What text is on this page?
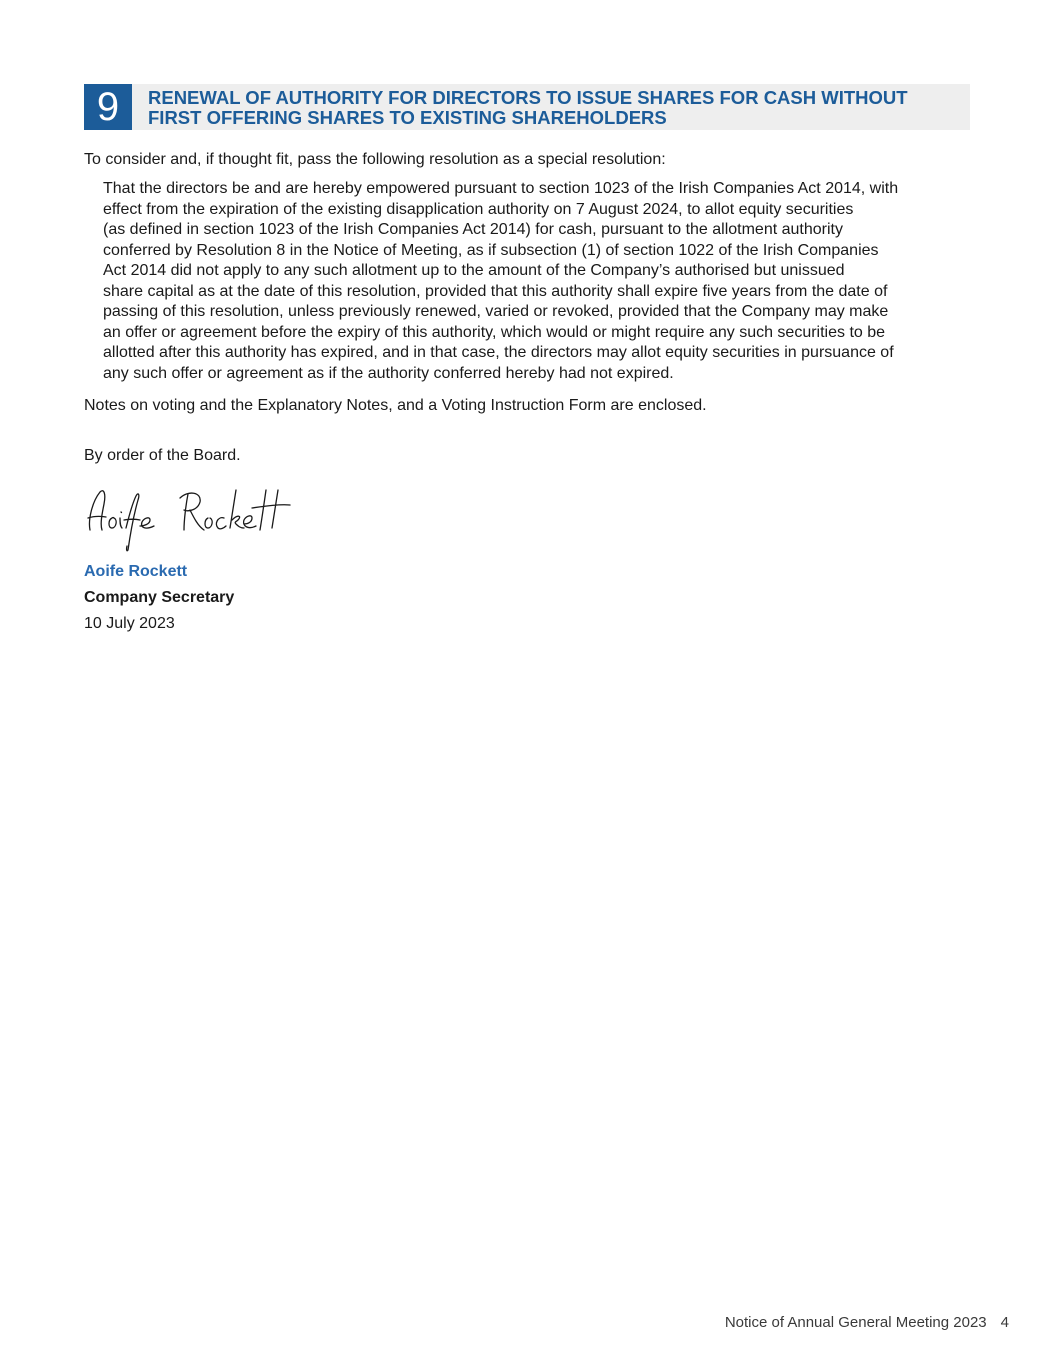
9	RENEWAL OF AUTHORITY FOR DIRECTORS TO ISSUE SHARES FOR CASH WITHOUT
FIRST OFFERING SHARES TO EXISTING SHAREHOLDERS
To consider and, if thought fit, pass the following resolution as a special resolution:
That the directors be and are hereby empowered pursuant to section 1023 of the Irish Companies Act 2014, with
effect from the expiration of the existing disapplication authority on 7 August 2024, to allot equity securities
(as defined in section 1023 of the Irish Companies Act 2014) for cash, pursuant to the allotment authority
conferred by Resolution 8 in the Notice of Meeting, as if subsection (1) of section 1022 of the Irish Companies
Act 2014 did not apply to any such allotment up to the amount of the Company’s authorised but unissued
share capital as at the date of this resolution, provided that this authority shall expire five years from the date of
passing of this resolution, unless previously renewed, varied or revoked, provided that the Company may make
an offer or agreement before the expiry of this authority, which would or might require any such securities to be
allotted after this authority has expired, and in that case, the directors may allot equity securities in pursuance of
any such offer or agreement as if the authority conferred hereby had not expired.
Notes on voting and the Explanatory Notes, and a Voting Instruction Form are enclosed.
By order of the Board.
Aoife Rockett
Company Secretary
10 July 2023
Notice of Annual General Meeting 2023 4
